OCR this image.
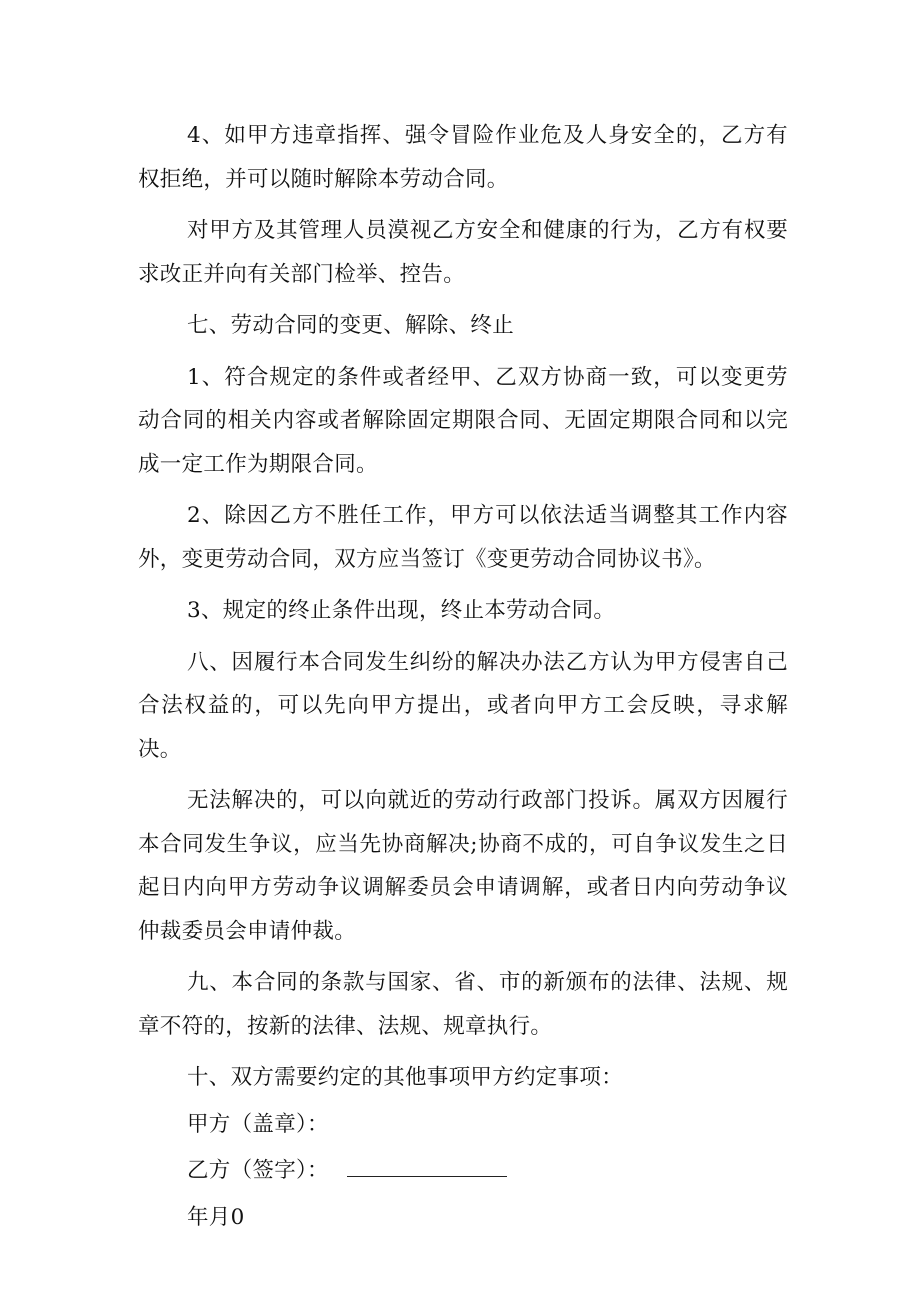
4、如甲方违章指挥、强令冒险作业危及人身安全的，乙方有权拒绝，并可以随时解除本劳动合同。

对甲方及其管理人员漠视乙方安全和健康的行为，乙方有权要求改正并向有关部门检举、控告。

七、劳动合同的变更、解除、终止

1、符合规定的条件或者经甲、乙双方协商一致，可以变更劳动合同的相关内容或者解除固定期限合同、无固定期限合同和以完成一定工作为期限合同。

2、除因乙方不胜任工作，甲方可以依法适当调整其工作内容外，变更劳动合同，双方应当签订《变更劳动合同协议书》。

3、规定的终止条件出现，终止本劳动合同。

八、因履行本合同发生纠纷的解决办法乙方认为甲方侵害自己合法权益的，可以先向甲方提出，或者向甲方工会反映，寻求解决。

无法解决的，可以向就近的劳动行政部门投诉。属双方因履行本合同发生争议，应当先协商解决;协商不成的，可自争议发生之日起日内向甲方劳动争议调解委员会申请调解，或者日内向劳动争议仲裁委员会申请仲裁。

九、本合同的条款与国家、省、市的新颁布的法律、法规、规章不符的，按新的法律、法规、规章执行。

十、双方需要约定的其他事项甲方约定事项：

甲方（盖章）：

乙方（签字）：

年月0
